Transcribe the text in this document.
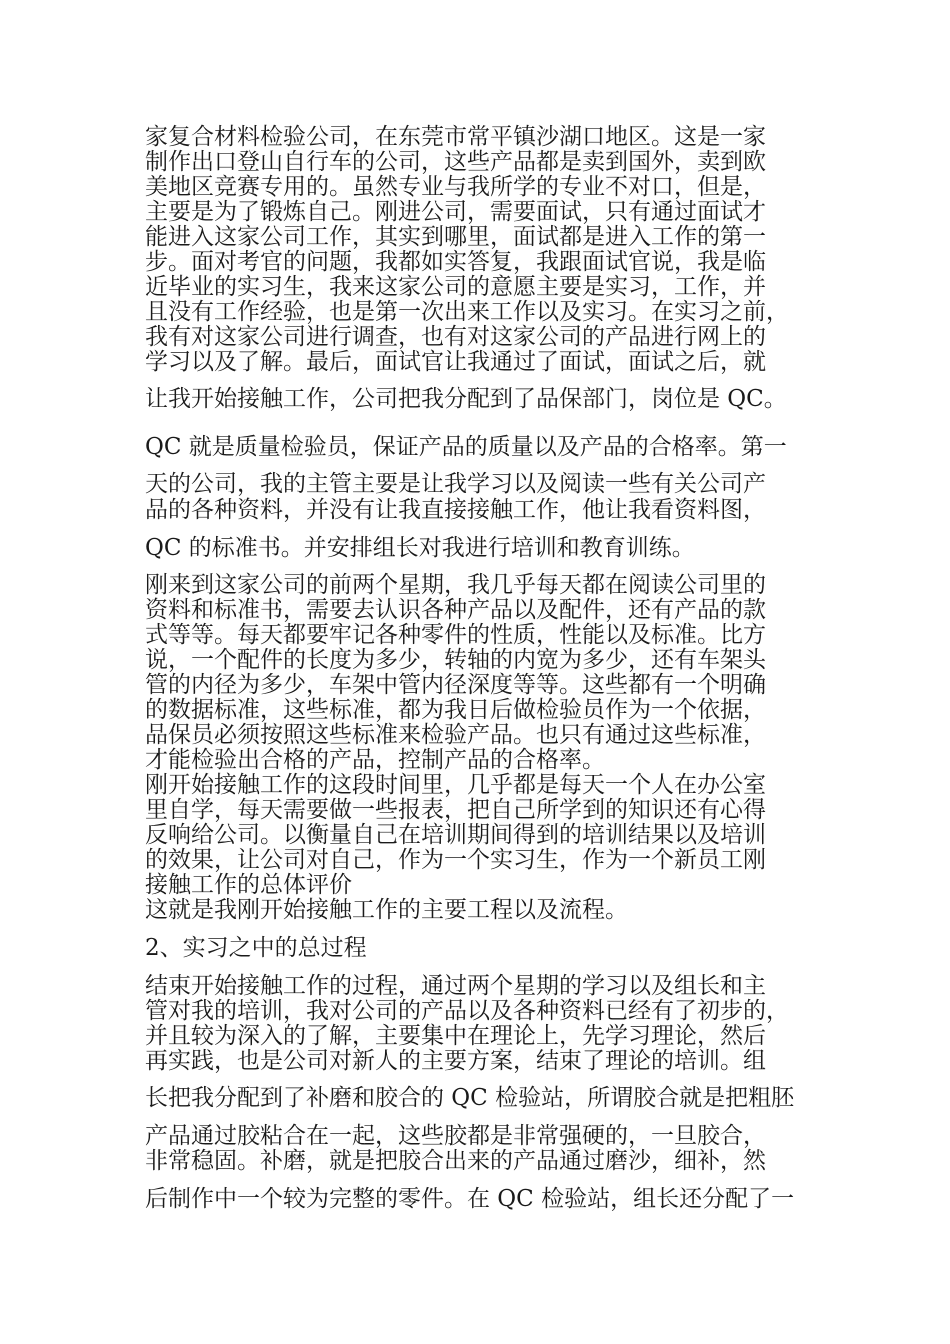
家复合材料检验公司，在东莞市常平镇沙湖口地区。这是一家

制作出口登山自行车的公司，这些产品都是卖到国外，卖到欧

美地区竞赛专用的。虽然专业与我所学的专业不对口，但是，

主要是为了锻炼自己。刚进公司，需要面试，只有通过面试才

能进入这家公司工作，其实到哪里，面试都是进入工作的第一

步。面对考官的问题，我都如实答复，我跟面试官说，我是临

近毕业的实习生，我来这家公司的意愿主要是实习，工作，并

且没有工作经验，也是第一次出来工作以及实习。在实习之前，

我有对这家公司进行调查，也有对这家公司的产品进行网上的

学习以及了解。最后，面试官让我通过了面试，面试之后，就

让我开始接触工作，公司把我分配到了品保部门，岗位是 QC。

QC 就是质量检验员，保证产品的质量以及产品的合格率。第一

天的公司，我的主管主要是让我学习以及阅读一些有关公司产

品的各种资料，并没有让我直接接触工作，他让我看资料图，

QC 的标准书。并安排组长对我进行培训和教育训练。

刚来到这家公司的前两个星期，我几乎每天都在阅读公司里的

资料和标准书，需要去认识各种产品以及配件，还有产品的款

式等等。每天都要牢记各种零件的性质，性能以及标准。比方

说，一个配件的长度为多少，转轴的内宽为多少，还有车架头

管的内径为多少，车架中管内径深度等等。这些都有一个明确

的数据标准，这些标准，都为我日后做检验员作为一个依据，

品保员必须按照这些标准来检验产品。也只有通过这些标准，

才能检验出合格的产品，控制产品的合格率。

刚开始接触工作的这段时间里，几乎都是每天一个人在办公室

里自学，每天需要做一些报表，把自己所学到的知识还有心得

反响给公司。以衡量自己在培训期间得到的培训结果以及培训

的效果，让公司对自己，作为一个实习生，作为一个新员工刚

接触工作的总体评价

这就是我刚开始接触工作的主要工程以及流程。

2、实习之中的总过程

结束开始接触工作的过程，通过两个星期的学习以及组长和主

管对我的培训，我对公司的产品以及各种资料已经有了初步的，

并且较为深入的了解，主要集中在理论上，先学习理论，然后

再实践，也是公司对新人的主要方案，结束了理论的培训。组

长把我分配到了补磨和胶合的 QC 检验站，所谓胶合就是把粗胚

产品通过胶粘合在一起，这些胶都是非常强硬的，一旦胶合，

非常稳固。补磨，就是把胶合出来的产品通过磨沙，细补，然

后制作中一个较为完整的零件。在 QC 检验站，组长还分配了一
